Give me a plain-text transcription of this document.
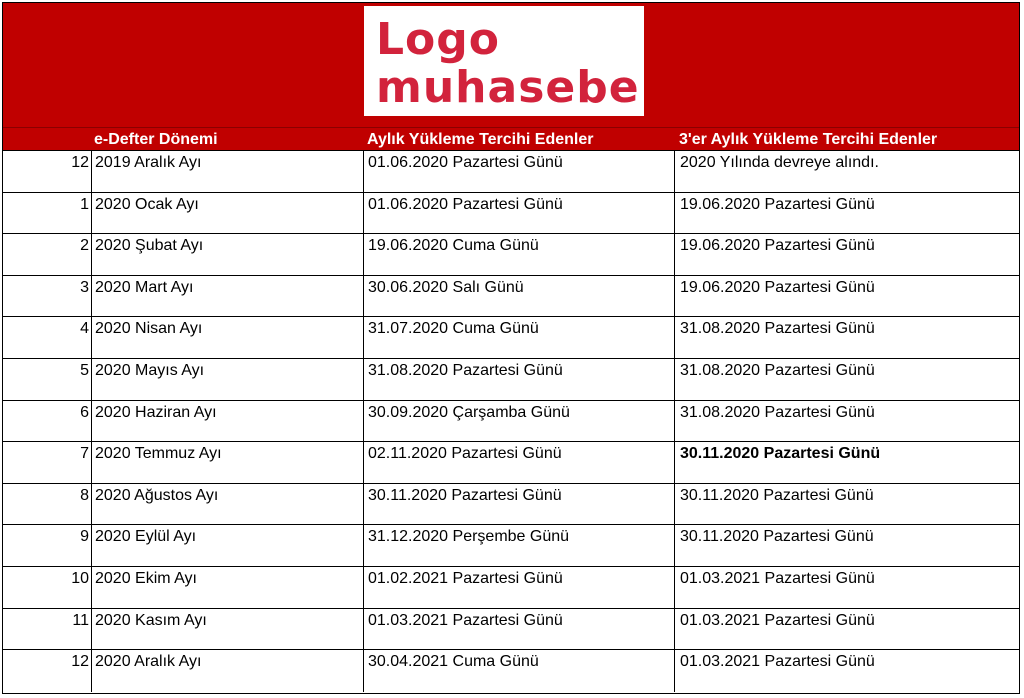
Logo
muhasebe
e-Defter Dönemi	Aylık Yükleme Tercihi Edenler	3'er Aylık Yükleme Tercihi Edenler
12 2019 Aralık Ayı	01.06.2020 Pazartesi Günü	2020 Yılında devreye alındı.
1 2020 Ocak Ayı	01.06.2020 Pazartesi Günü	19.06.2020 Pazartesi Günü
2 2020 Şubat Ayı	19.06.2020 Cuma Günü	19.06.2020 Pazartesi Günü
3 2020 Mart Ayı	30.06.2020 Salı Günü	19.06.2020 Pazartesi Günü
4 2020 Nisan Ayı	31.07.2020 Cuma Günü	31.08.2020 Pazartesi Günü
5 2020 Mayıs Ayı	31.08.2020 Pazartesi Günü	31.08.2020 Pazartesi Günü
6 2020 Haziran Ayı	30.09.2020 Çarşamba Günü	31.08.2020 Pazartesi Günü
7 2020 Temmuz Ayı	02.11.2020 Pazartesi Günü	30.11.2020 Pazartesi Günü
8 2020 Ağustos Ayı	30.11.2020 Pazartesi Günü	30.11.2020 Pazartesi Günü
9 2020 Eylül Ayı	31.12.2020 Perşembe Günü	30.11.2020 Pazartesi Günü
10 2020 Ekim Ayı	01.02.2021 Pazartesi Günü	01.03.2021 Pazartesi Günü
11 2020 Kasım Ayı	01.03.2021 Pazartesi Günü	01.03.2021 Pazartesi Günü
12 2020 Aralık Ayı	30.04.2021 Cuma Günü	01.03.2021 Pazartesi Günü
